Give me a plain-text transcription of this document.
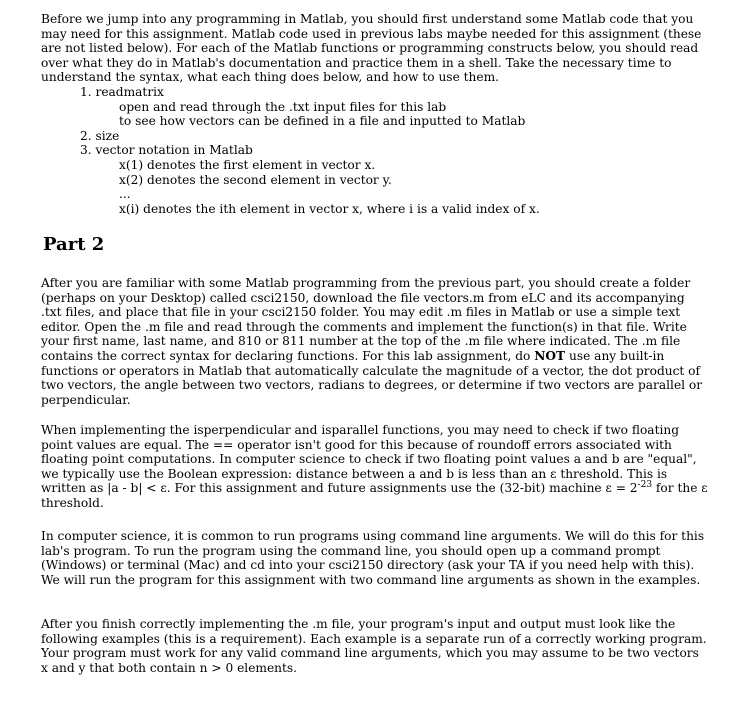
Before we jump into any programming in Matlab, you should first understand some Matlab code that you may need for this assignment. Matlab code used in previous labs maybe needed for this assignment (these are not listed below). For each of the Matlab functions or programming constructs below, you should read over what they do in Matlab's documentation and practice them in a shell. Take the necessary time to understand the syntax, what each thing does below, and how to use them.

1. readmatrix
open and read through the .txt input files for this lab
to see how vectors can be defined in a file and inputted to Matlab
2. size
3. vector notation in Matlab
x(1) denotes the first element in vector x.
x(2) denotes the second element in vector y.
...
x(i) denotes the ith element in vector x, where i is a valid index of x.
Part 2

After you are familiar with some Matlab programming from the previous part, you should create a folder (perhaps on your Desktop) called csci2150, download the file vectors.m from eLC and its accompanying .txt files, and place that file in your csci2150 folder. You may edit .m files in Matlab or use a simple text editor. Open the .m file and read through the comments and implement the function(s) in that file. Write your first name, last name, and 810 or 811 number at the top of the .m file where indicated. The .m file contains the correct syntax for declaring functions. For this lab assignment, do NOT use any built-in functions or operators in Matlab that automatically calculate the magnitude of a vector, the dot product of two vectors, the angle between two vectors, radians to degrees, or determine if two vectors are parallel or perpendicular.

When implementing the isperpendicular and isparallel functions, you may need to check if two floating point values are equal. The == operator isn't good for this because of roundoff errors associated with floating point computations. In computer science to check if two floating point values a and b are "equal", we typically use the Boolean expression: distance between a and b is less than an ε threshold. This is written as |a - b| < ε. For this assignment and future assignments use the (32-bit) machine $\varepsilon = 2^{-23}$ for the ε threshold.

In computer science, it is common to run programs using command line arguments. We will do this for this lab's program. To run the program using the command line, you should open up a command prompt (Windows) or terminal (Mac) and cd into your csci2150 directory (ask your TA if you need help with this). We will run the program for this assignment with two command line arguments as shown in the examples.

After you finish correctly implementing the .m file, your program's input and output must look like the following examples (this is a requirement). Each example is a separate run of a correctly working program. Your program must work for any valid command line arguments, which you may assume to be two vectors x and y that both contain n > 0 elements.
